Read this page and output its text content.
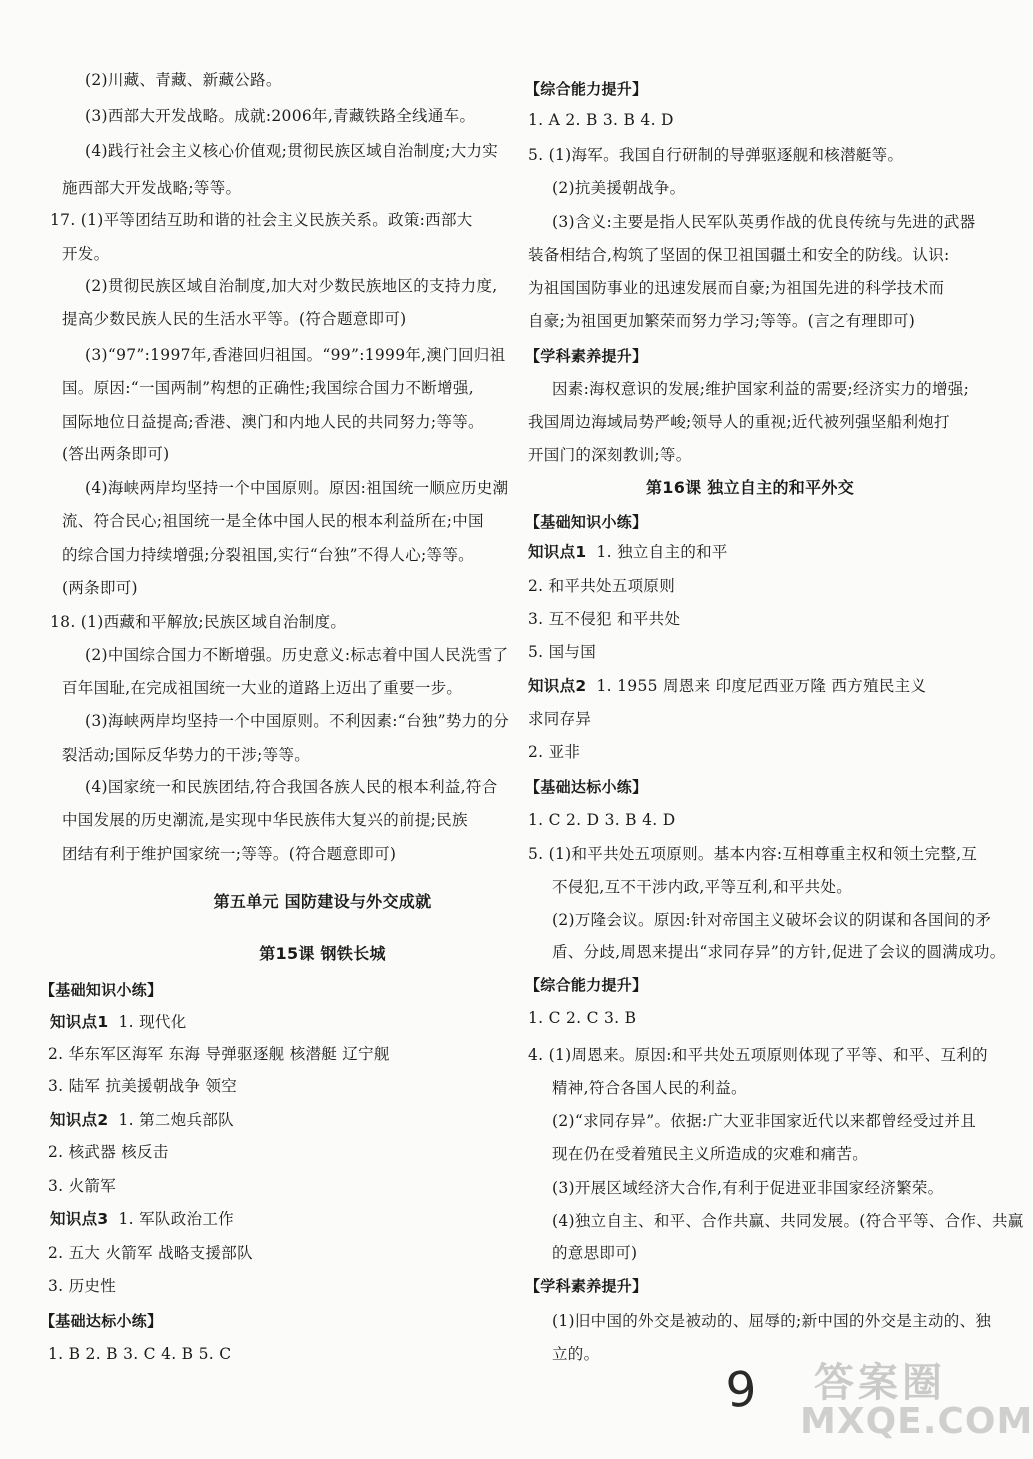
(2)川藏、青藏、新藏公路。
(3)西部大开发战略。成就:2006年,青藏铁路全线通车。
(4)践行社会主义核心价值观;贯彻民族区域自治制度;大力实
施西部大开发战略;等等。
17. (1)平等团结互助和谐的社会主义民族关系。政策:西部大
开发。
(2)贯彻民族区域自治制度,加大对少数民族地区的支持力度,
提高少数民族人民的生活水平等。(符合题意即可)
(3)“97”:1997年,香港回归祖国。“99”:1999年,澳门回归祖
国。原因:“一国两制”构想的正确性;我国综合国力不断增强,
国际地位日益提高;香港、澳门和内地人民的共同努力;等等。
(答出两条即可)
(4)海峡两岸均坚持一个中国原则。原因:祖国统一顺应历史潮
流、符合民心;祖国统一是全体中国人民的根本利益所在;中国
的综合国力持续增强;分裂祖国,实行“台独”不得人心;等等。
(两条即可)
18. (1)西藏和平解放;民族区域自治制度。
(2)中国综合国力不断增强。历史意义:标志着中国人民洗雪了
百年国耻,在完成祖国统一大业的道路上迈出了重要一步。
(3)海峡两岸均坚持一个中国原则。不利因素:“台独”势力的分
裂活动;国际反华势力的干涉;等等。
(4)国家统一和民族团结,符合我国各族人民的根本利益,符合
中国发展的历史潮流,是实现中华民族伟大复兴的前提;民族
团结有利于维护国家统一;等等。(符合题意即可)
第五单元 国防建设与外交成就
第15课 钢铁长城
【基础知识小练】
知识点1 1. 现代化
2. 华东军区海军 东海 导弹驱逐舰 核潜艇 辽宁舰
3. 陆军 抗美援朝战争 领空
知识点2 1. 第二炮兵部队
2. 核武器 核反击
3. 火箭军
知识点3 1. 军队政治工作
2. 五大 火箭军 战略支援部队
3. 历史性
【基础达标小练】
1. B 2. B 3. C 4. B 5. C
【综合能力提升】
1. A 2. B 3. B 4. D
5. (1)海军。我国自行研制的导弹驱逐舰和核潜艇等。
(2)抗美援朝战争。
(3)含义:主要是指人民军队英勇作战的优良传统与先进的武器
装备相结合,构筑了坚固的保卫祖国疆土和安全的防线。认识:
为祖国国防事业的迅速发展而自豪;为祖国先进的科学技术而
自豪;为祖国更加繁荣而努力学习;等等。(言之有理即可)
【学科素养提升】
因素:海权意识的发展;维护国家利益的需要;经济实力的增强;
我国周边海域局势严峻;领导人的重视;近代被列强坚船利炮打
开国门的深刻教训;等。
第16课 独立自主的和平外交
【基础知识小练】
知识点1 1. 独立自主的和平
2. 和平共处五项原则
3. 互不侵犯 和平共处
5. 国与国
知识点2 1. 1955 周恩来 印度尼西亚万隆 西方殖民主义
求同存异
2. 亚非
【基础达标小练】
1. C 2. D 3. B 4. D
5. (1)和平共处五项原则。基本内容:互相尊重主权和领土完整,互
不侵犯,互不干涉内政,平等互利,和平共处。
(2)万隆会议。原因:针对帝国主义破坏会议的阴谋和各国间的矛
盾、分歧,周恩来提出“求同存异”的方针,促进了会议的圆满成功。
【综合能力提升】
1. C 2. C 3. B
4. (1)周恩来。原因:和平共处五项原则体现了平等、和平、互利的
精神,符合各国人民的利益。
(2)“求同存异”。依据:广大亚非国家近代以来都曾经受过并且
现在仍在受着殖民主义所造成的灾难和痛苦。
(3)开展区域经济大合作,有利于促进亚非国家经济繁荣。
(4)独立自主、和平、合作共赢、共同发展。(符合平等、合作、共赢
的意思即可)
【学科素养提升】
(1)旧中国的外交是被动的、屈辱的;新中国的外交是主动的、独
立的。
9 答案圈
MXQE.COM
